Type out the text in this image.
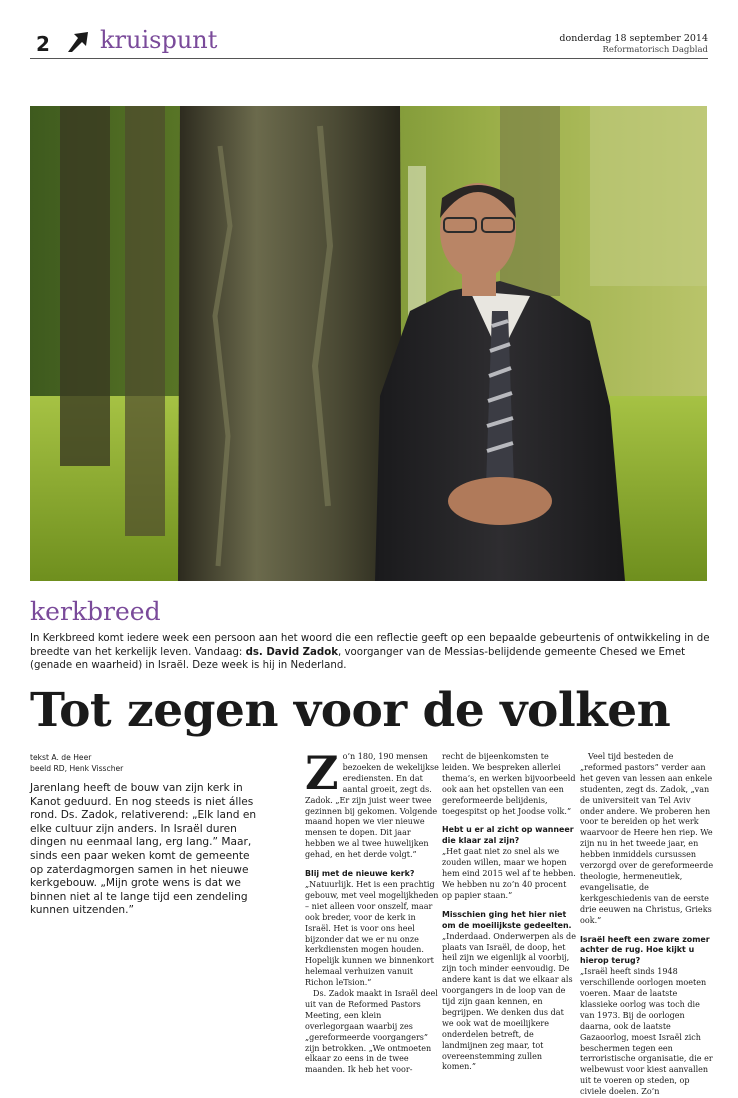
2 kruispunt	donderdag 18 september 2014
Reformatorisch Dagblad
kerkbreed
In Kerkbreed komt iedere week een persoon aan het woord die een reflectie geeft op een bepaalde gebeurtenis of ontwikkeling in de breedte van het kerkelijk leven. Vandaag: ds. David Zadok, voorganger van de Messias-belijdende gemeente Chesed we Emet (genade en waarheid) in Israël. Deze week is hij in Nederland.
Tot zegen voor de volken
tekst A. de Heer
beeld RD, Henk Visscher
Jarenlang heeft de bouw van zijn kerk in Kanot geduurd. En nog steeds is niet álles rond. Ds. Zadok, relativerend: „Elk land en elke cultuur zijn anders. In Israël duren dingen nu eenmaal lang, erg lang.” Maar, sinds een paar weken komt de gemeente op zaterdagmorgen samen in het nieuwe kerkgebouw. „Mijn grote wens is dat we binnen niet al te lange tijd een zendeling kunnen uitzenden.”
Z o’n 180, 190 mensen bezoeken de wekelijkse erediensten. En dat aantal groeit, zegt ds. Zadok. „Er zijn juist weer twee gezinnen bij gekomen. Volgende maand hopen we vier nieuwe mensen te dopen. Dit jaar hebben we al twee huwelijken gehad, en het derde volgt.”

Blij met de nieuwe kerk?

„Natuurlijk. Het is een prachtig gebouw, met veel mogelijkheden – niet alleen voor onszelf, maar ook breder, voor de kerk in Israël. Het is voor ons heel bijzonder dat we er nu onze kerkdiensten mogen houden. Hopelijk kunnen we binnenkort helemaal verhuizen vanuit Richon leTsion.”

Ds. Zadok maakt in Israël deel uit van de Reformed Pastors Meeting, een klein overlegorgaan waarbij zes „gereformeerde voorgangers” zijn betrokken. „We ontmoeten elkaar zo eens in de twee maanden. Ik heb het voor-

recht de bijeenkomsten te leiden. We bespreken allerlei thema’s, en werken bijvoorbeeld ook aan het opstellen van een gereformeerde belijdenis, toegespitst op het Joodse volk.”

Hebt u er al zicht op wanneer die klaar zal zijn?

„Het gaat niet zo snel als we zouden willen, maar we hopen hem eind 2015 wel af te hebben. We hebben nu zo’n 40 procent op papier staan.”

Misschien ging het hier niet om de moeilijkste gedeelten.

„Inderdaad. Onderwerpen als de plaats van Israël, de doop, het heil zijn we eigenlijk al voorbij, zijn toch minder eenvoudig. De andere kant is dat we elkaar als voorgangers in de loop van de tijd zijn gaan kennen, en begrijpen. We denken dus dat we ook wat de moeilijkere onderdelen betreft, de landmijnen zeg maar, tot overeenstemming zullen komen.”

Veel tijd besteden de „reformed pastors” verder aan het geven van lessen aan enkele studenten, zegt ds. Zadok, „van de universiteit van Tel Aviv onder andere. We proberen hen voor te bereiden op het werk waarvoor de Heere hen riep. We zijn nu in het tweede jaar, en hebben inmiddels cursussen verzorgd over de gereformeerde theologie, hermeneutiek, evangelisatie, de kerkgeschiedenis van de eerste drie eeuwen na Christus, Grieks ook.”

Israël heeft een zware zomer achter de rug. Hoe kijkt u hierop terug?

„Israël heeft sinds 1948 verschillende oorlogen moeten voeren. Maar de laatste klassieke oorlog was toch die van 1973. Bij de oorlogen daarna, ook de laatste Gazaoorlog, moest Israël zich beschermen tegen een terroristische organisatie, die er welbewust voor kiest aanvallen uit te voeren op steden, op civiele doelen. Zo’n
